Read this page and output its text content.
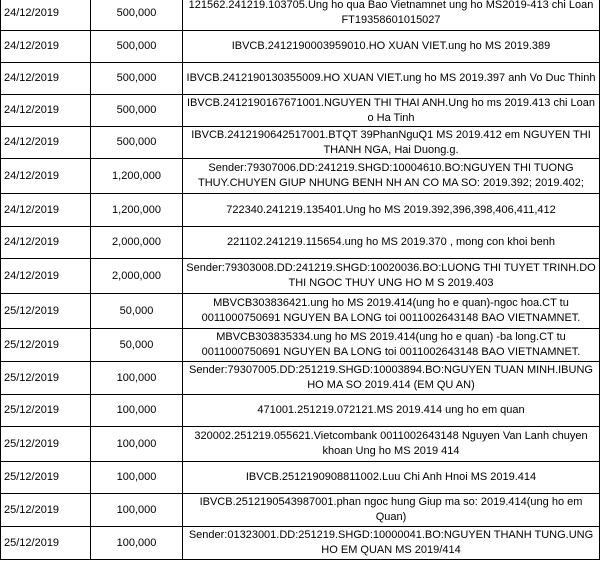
24/12/2019	500,000	121562.241219.103705.Ung ho qua Bao Vietnamnet ung ho MS2019-413 chi Loan FT19358601015027
24/12/2019	500,000	IBVCB.2412190003959010.HO XUAN VIET.ung ho MS 2019.389
24/12/2019	500,000	IBVCB.2412190130355009.HO XUAN VIET.ung ho MS 2019.397 anh Vo Duc Thinh
24/12/2019	500,000	IBVCB.2412190167671001.NGUYEN THI THAI ANH.Ung ho ms 2019.413 chi Loan o Ha Tinh
24/12/2019	500,000	IBVCB.2412190642517001.BTQT 39PhanNguQ1 MS 2019.412 em NGUYEN THI THANH NGA, Hai Duong.g.
24/12/2019	1,200,000	Sender:79307006.DD:241219.SHGD:10004610.BO:NGUYEN THI TUONG THUY.CHUYEN GIUP NHUNG BENH NH AN CO MA SO: 2019.392; 2019.402;
24/12/2019	1,200,000	722340.241219.135401.Ung ho MS 2019.392,396,398,406,411,412
24/12/2019	2,000,000	221102.241219.115654.ung ho MS 2019.370 , mong con khoi benh
24/12/2019	2,000,000	Sender:79303008.DD:241219.SHGD:10020036.BO:LUONG THI TUYET TRINH.DO THI NGOC THUY UNG HO M S 2019.403
25/12/2019	50,000	MBVCB303836421.ung ho MS 2019.414(ung ho e quan)-ngoc hoa.CT tu 0011000750691 NGUYEN BA LONG toi 0011002643148 BAO VIETNAMNET.
25/12/2019	50,000	MBVCB303835334.ung ho MS 2019.414(ung ho e quan) -ba long.CT tu 0011000750691 NGUYEN BA LONG toi 0011002643148 BAO VIETNAMNET.
25/12/2019	100,000	Sender:79307005.DD:251219.SHGD:10003894.BO:NGUYEN TUAN MINH.IBUNG HO MA SO 2019.414 (EM QU AN)
25/12/2019	100,000	471001.251219.072121.MS 2019.414 ung ho em quan
25/12/2019	100,000	320002.251219.055621.Vietcombank 0011002643148 Nguyen Van Lanh chuyen khoan Ung ho MS 2019 414
25/12/2019	100,000	IBVCB.2512190908811002.Luu Chi Anh Hnoi MS 2019.414
25/12/2019	100,000	IBVCB.2512190543987001.phan ngoc hung Giup ma so: 2019.414(ung ho em Quan)
25/12/2019	100,000	Sender:01323001.DD:251219.SHGD:10000041.BO:NGUYEN THANH TUNG.UNG HO EM QUAN MS 2019/414
